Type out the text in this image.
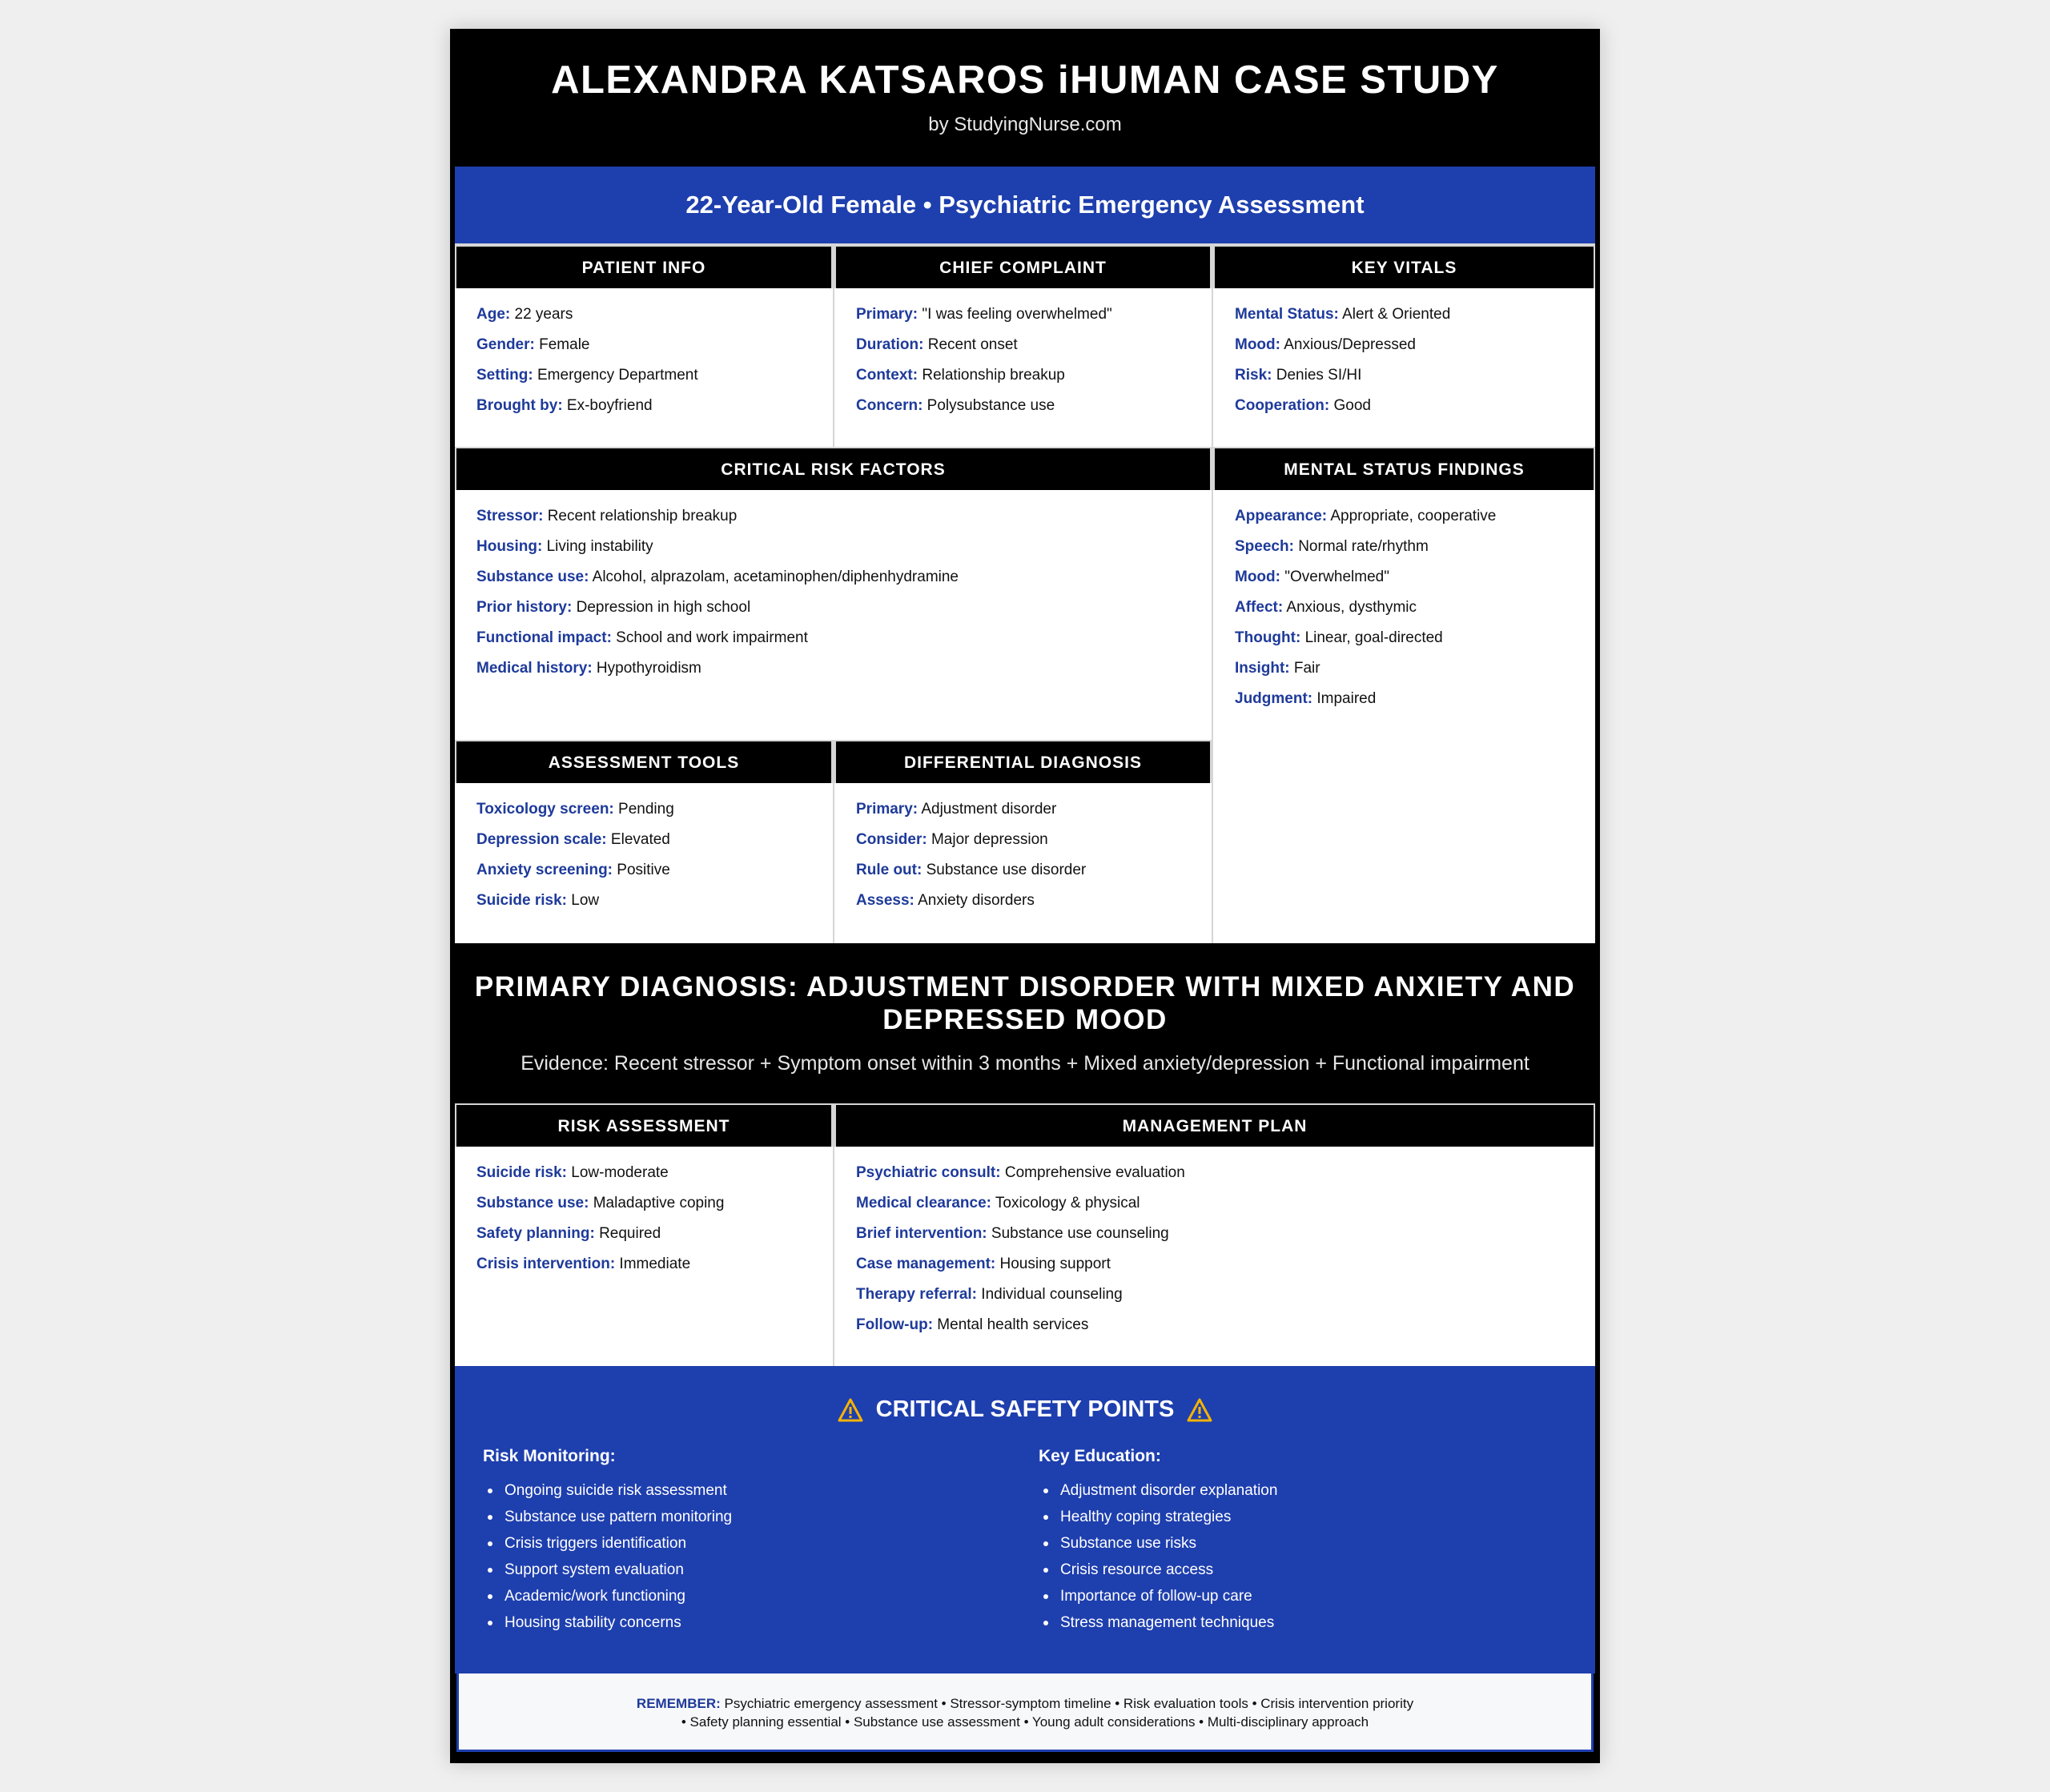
ALEXANDRA KATSAROS iHUMAN CASE STUDY
by StudyingNurse.com
22-Year-Old Female • Psychiatric Emergency Assessment
PATIENT INFO
Age: 22 years
Gender: Female
Setting: Emergency Department
Brought by: Ex-boyfriend
CHIEF COMPLAINT
Primary: "I was feeling overwhelmed"
Duration: Recent onset
Context: Relationship breakup
Concern: Polysubstance use
KEY VITALS
Mental Status: Alert & Oriented
Mood: Anxious/Depressed
Risk: Denies SI/HI
Cooperation: Good
CRITICAL RISK FACTORS
Stressor: Recent relationship breakup
Housing: Living instability
Substance use: Alcohol, alprazolam, acetaminophen/diphenhydramine
Prior history: Depression in high school
Functional impact: School and work impairment
Medical history: Hypothyroidism
MENTAL STATUS FINDINGS
Appearance: Appropriate, cooperative
Speech: Normal rate/rhythm
Mood: "Overwhelmed"
Affect: Anxious, dysthymic
Thought: Linear, goal-directed
Insight: Fair
Judgment: Impaired
ASSESSMENT TOOLS
Toxicology screen: Pending
Depression scale: Elevated
Anxiety screening: Positive
Suicide risk: Low
DIFFERENTIAL DIAGNOSIS
Primary: Adjustment disorder
Consider: Major depression
Rule out: Substance use disorder
Assess: Anxiety disorders
PRIMARY DIAGNOSIS: ADJUSTMENT DISORDER WITH MIXED ANXIETY AND DEPRESSED MOOD
Evidence: Recent stressor + Symptom onset within 3 months + Mixed anxiety/depression + Functional impairment
RISK ASSESSMENT
Suicide risk: Low-moderate
Substance use: Maladaptive coping
Safety planning: Required
Crisis intervention: Immediate
MANAGEMENT PLAN
Psychiatric consult: Comprehensive evaluation
Medical clearance: Toxicology & physical
Brief intervention: Substance use counseling
Case management: Housing support
Therapy referral: Individual counseling
Follow-up: Mental health services
CRITICAL SAFETY POINTS
Risk Monitoring:
Ongoing suicide risk assessment
Substance use pattern monitoring
Crisis triggers identification
Support system evaluation
Academic/work functioning
Housing stability concerns
Key Education:
Adjustment disorder explanation
Healthy coping strategies
Substance use risks
Crisis resource access
Importance of follow-up care
Stress management techniques
REMEMBER: Psychiatric emergency assessment • Stressor-symptom timeline • Risk evaluation tools • Crisis intervention priority
• Safety planning essential • Substance use assessment • Young adult considerations • Multi-disciplinary approach
